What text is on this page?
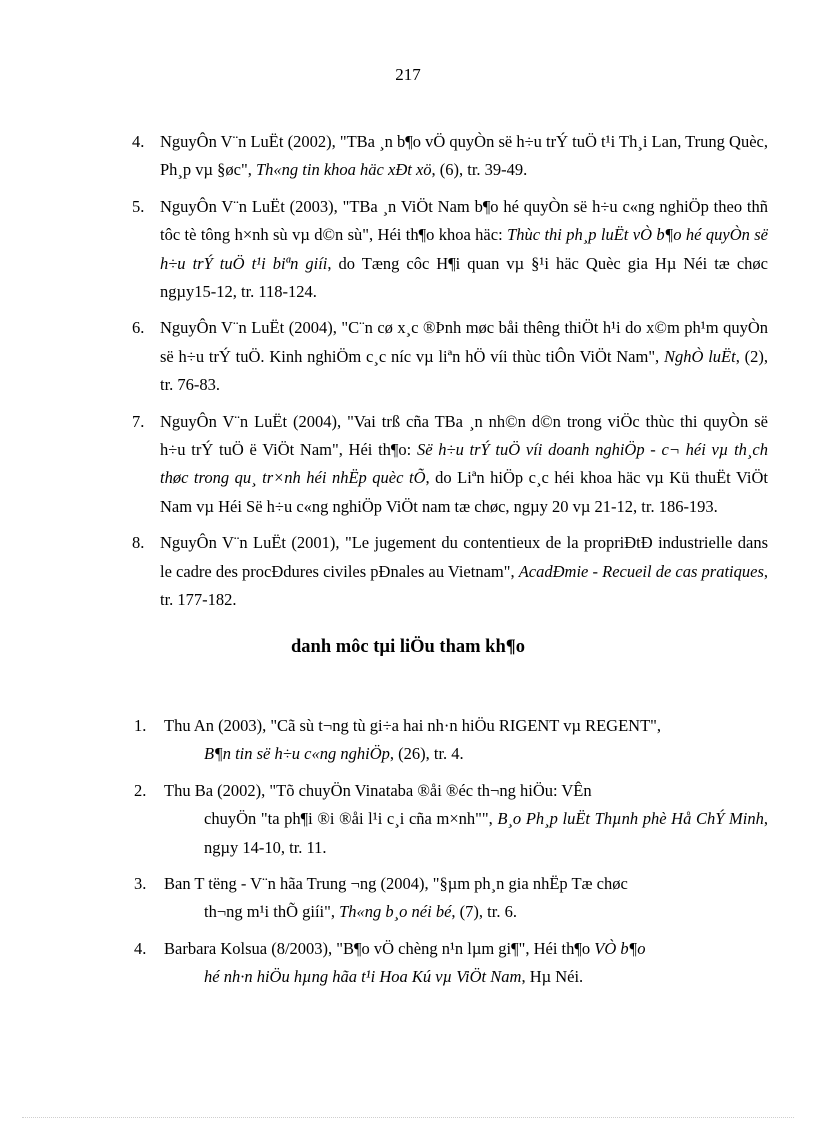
217
4. NguyÔn V¨n LuËt (2002), "TBa ¸n b¶o vÖ quyÒn së h÷u trÝ tuÖ t¹i Th¸i Lan, Trung Quèc, Ph¸p vµ §øc", Th«ng tin khoa häc xÐt xö, (6), tr. 39-49.
5. NguyÔn V¨n LuËt (2003), "TBa ¸n ViÖt Nam b¶o hé quyÒn së h÷u c«ng nghiÖp theo thñ tôc tè tông h×nh sù vµ d©n sù", Héi th¶o khoa häc: Thùc thi ph¸p luËt vÒ b¶o hé quyÒn së h÷u trÝ tuÖ t¹i biªn giíi, do Tæng côc H¶i quan vµ §¹i häc Quèc gia Hµ Néi tæ chøc ngµy15-12, tr. 118-124.
6. NguyÔn V¨n LuËt (2004), "C¨n cø x¸c ®Þnh møc båi thêng thiÖt h¹i do x©m ph¹m quyÒn së h÷u trÝ tuÖ. Kinh nghiÖm c¸c níc vµ liªn hÖ víi thùc tiÔn ViÖt Nam", NghÒ luËt, (2), tr. 76-83.
7. NguyÔn V¨n LuËt (2004), "Vai trß cña TBa ¸n nh©n d©n trong viÖc thùc thi quyÒn së h÷u trÝ tuÖ ë ViÖt Nam", Héi th¶o: Së h÷u trÝ tuÖ víi doanh nghiÖp - c¬ héi vµ th¸ch thøc trong qu¸ tr×nh héi nhËp quèc tÕ, do Liªn hiÖp c¸c héi khoa häc vµ Kü thuËt ViÖt Nam vµ Héi Së h÷u c«ng nghiÖp ViÖt nam tæ chøc, ngµy 20 vµ 21-12, tr. 186-193.
8. NguyÔn V¨n LuËt (2001), "Le jugement du contentieux de la propriÐtÐ industrielle dans le cadre des procÐdures civiles pÐnales au Vietnam", AcadÐmie - Recueil de cas pratiques, tr. 177-182.
danh môc tµi liÖu tham kh¶o
1. Thu An (2003), "Cã sù t¬ng tù gi÷a hai nh·n hiÖu RIGENT vµ REGENT",
B¶n tin së h÷u c«ng nghiÖp, (26), tr. 4.
2. Thu Ba (2002), "Tõ chuyÖn Vinataba ®åi ®éc th¬ng hiÖu: VÊn
chuyÖn "ta ph¶i ®i ®åi l¹i c¸i cña m×nh"", B¸o Ph¸p luËt Thµnh phè Hå ChÝ Minh, ngµy 14-10, tr. 11.
3. Ban T tëng - V¨n hãa Trung ¬ng (2004), "§µm ph¸n gia nhËp Tæ chøc
th¬ng m¹i thÕ giíi", Th«ng b¸o néi bé, (7), tr. 6.
4. Barbara Kolsua (8/2003), "B¶o vÖ chèng n¹n lµm gi¶", Héi th¶o VÒ b¶o
hé nh·n hiÖu hµng hãa t¹i Hoa Kú vµ ViÖt Nam, Hµ Néi.
